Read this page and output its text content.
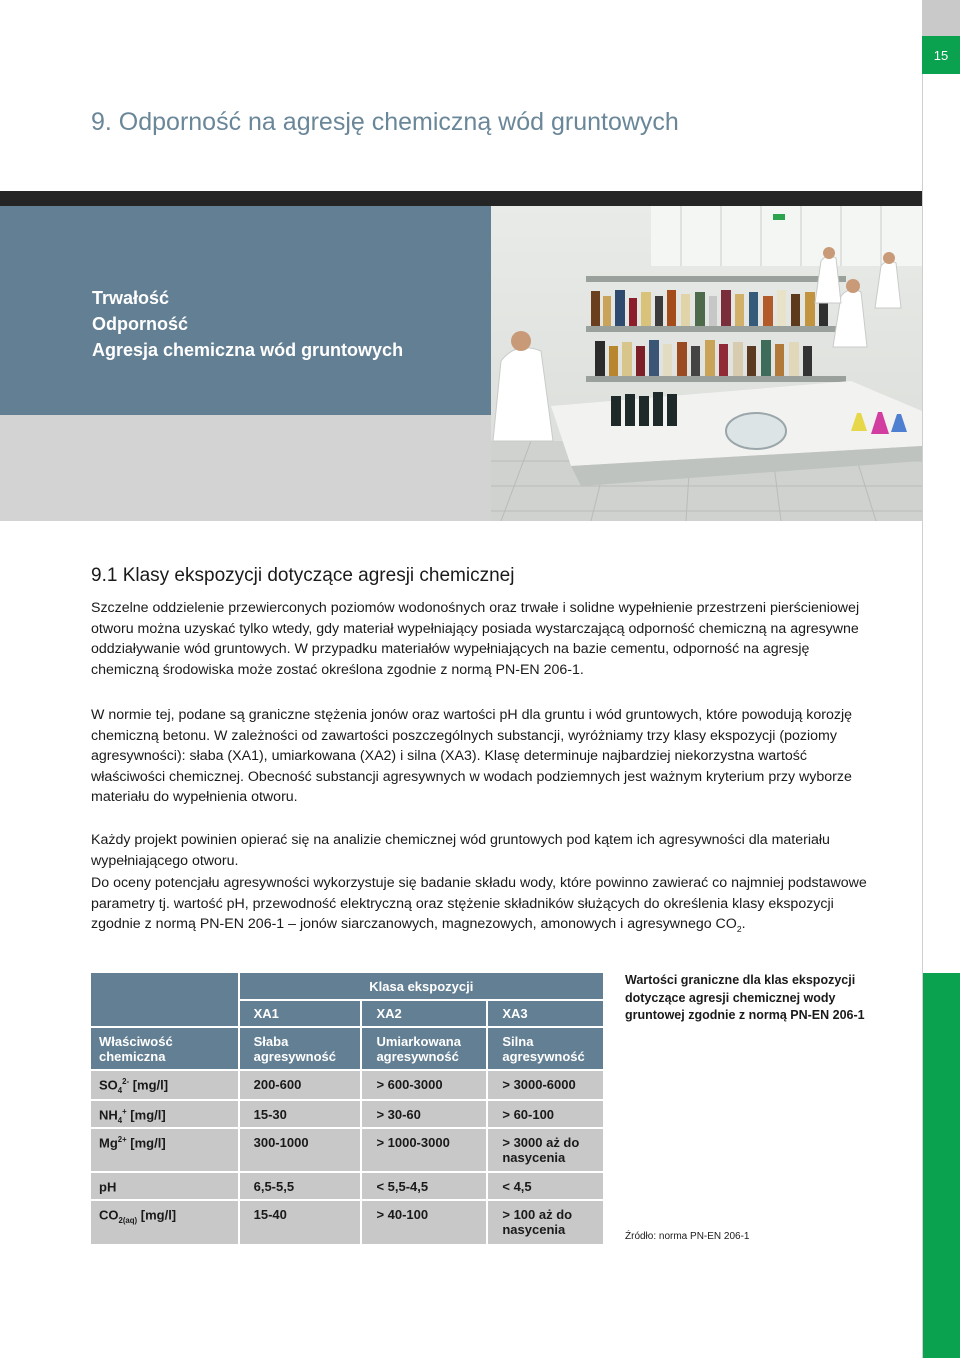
15
9. Odporność na agresję chemiczną wód gruntowych
Trwałość
Odporność
Agresja chemiczna wód gruntowych
9.1 Klasy ekspozycji dotyczące agresji chemicznej

Szczelne oddzielenie przewierconych poziomów wodonośnych oraz trwałe i solidne wypełnienie przestrzeni pierścieniowej otworu można uzyskać tylko wtedy, gdy materiał wypełniający posiada wystarczającą odporność chemiczną na agresywne oddziaływanie wód gruntowych. W przypadku materiałów wypełniających na bazie cementu, odporność na agresję chemiczną środowiska może zostać określona zgodnie z normą PN-EN 206-1.

W normie tej, podane są graniczne stężenia jonów oraz wartości pH dla gruntu i wód gruntowych, które powodują korozję chemiczną betonu. W zależności od zawartości poszczególnych substancji, wyróżniamy trzy klasy ekspozycji (poziomy agresywności): słaba (XA1), umiarkowana (XA2) i silna (XA3). Klasę determinuje najbardziej niekorzystna wartość właściwości chemicznej. Obecność substancji agresywnych w wodach podziemnych jest ważnym kryterium przy wyborze materiału do wypełnienia otworu.

Każdy projekt powinien opierać się na analizie chemicznej wód gruntowych pod kątem ich agresywności dla materiału wypełniającego otworu.

Do oceny potencjału agresywności wykorzystuje się badanie składu wody, które powinno zawierać co najmniej podstawowe parametry tj. wartość pH, przewodność elektryczną oraz stężenie składników służących do określenia klasy ekspozycji zgodnie z normą PN-EN 206-1 – jonów siarczanowych, magnezowych, amonowych i agresywnego $CO_2$.

	Klasa ekspozycji		
	XA1	XA2	XA3
Właściwość chemiczna	Słaba agresywność	Umiarkowana agresywność	Silna agresywność
$SO_4^{2-}$ [mg/l]	200-600	> 600-3000	> 3000-6000
$NH_4^+$ [mg/l]	15-30	> 30-60	> 60-100
$Mg^{2+}$ [mg/l]	300-1000	> 1000-3000	> 3000 aż do nasycenia
pH	6,5-5,5	< 5,5-4,5	< 4,5
$CO_{2(aq)}$ [mg/l]	15-40	> 40-100	> 100 aż do nasycenia
Wartości graniczne dla klas ekspozycji dotyczące agresji chemicznej wody gruntowej zgodnie z normą PN-EN 206-1
Źródło: norma PN-EN 206-1
